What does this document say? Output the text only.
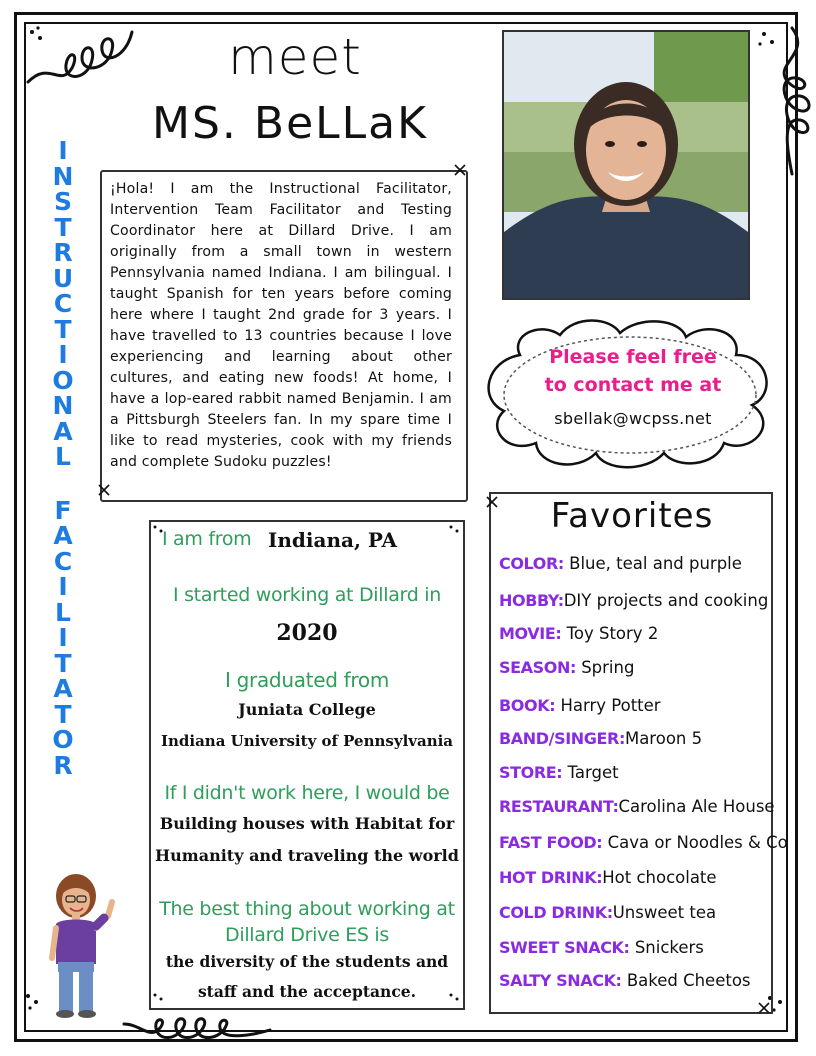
meet
MS. BeLLaK
I
N
S
T
R
U
C
T
I
O
N
A
L
F
A
C
I
L
I
T
A
T
O
R
¡Hola! I am the Instructional Facilitator, Intervention Team Facilitator and Testing Coordinator here at Dillard Drive. I am originally from a small town in western Pennsylvania named Indiana. I am bilingual. I taught Spanish for ten years before coming here where I taught 2nd grade for 3 years. I have travelled to 13 countries because I love experiencing and learning about other cultures, and eating new foods! At home, I have a lop-eared rabbit named Benjamin. I am a Pittsburgh Steelers fan. In my spare time I like to read mysteries, cook with my friends and complete Sudoku puzzles!
Please feel free
to contact me at
sbellak@wcpss.net
I am from Indiana, PA
I started working at Dillard in
2020
I graduated from
Juniata College
Indiana University of Pennsylvania
If I didn't work here, I would be
Building houses with Habitat for
Humanity and traveling the world
The best thing about working at
Dillard Drive ES is
the diversity of the students and
staff and the acceptance.
Favorites
COLOR: Blue, teal and purple
HOBBY:DIY projects and cooking
MOVIE: Toy Story 2
SEASON: Spring
BOOK: Harry Potter
BAND/SINGER:Maroon 5
STORE: Target
RESTAURANT:Carolina Ale House
FAST FOOD: Cava or Noodles & Co
HOT DRINK:Hot chocolate
COLD DRINK:Unsweet tea
SWEET SNACK: Snickers
SALTY SNACK: Baked Cheetos
